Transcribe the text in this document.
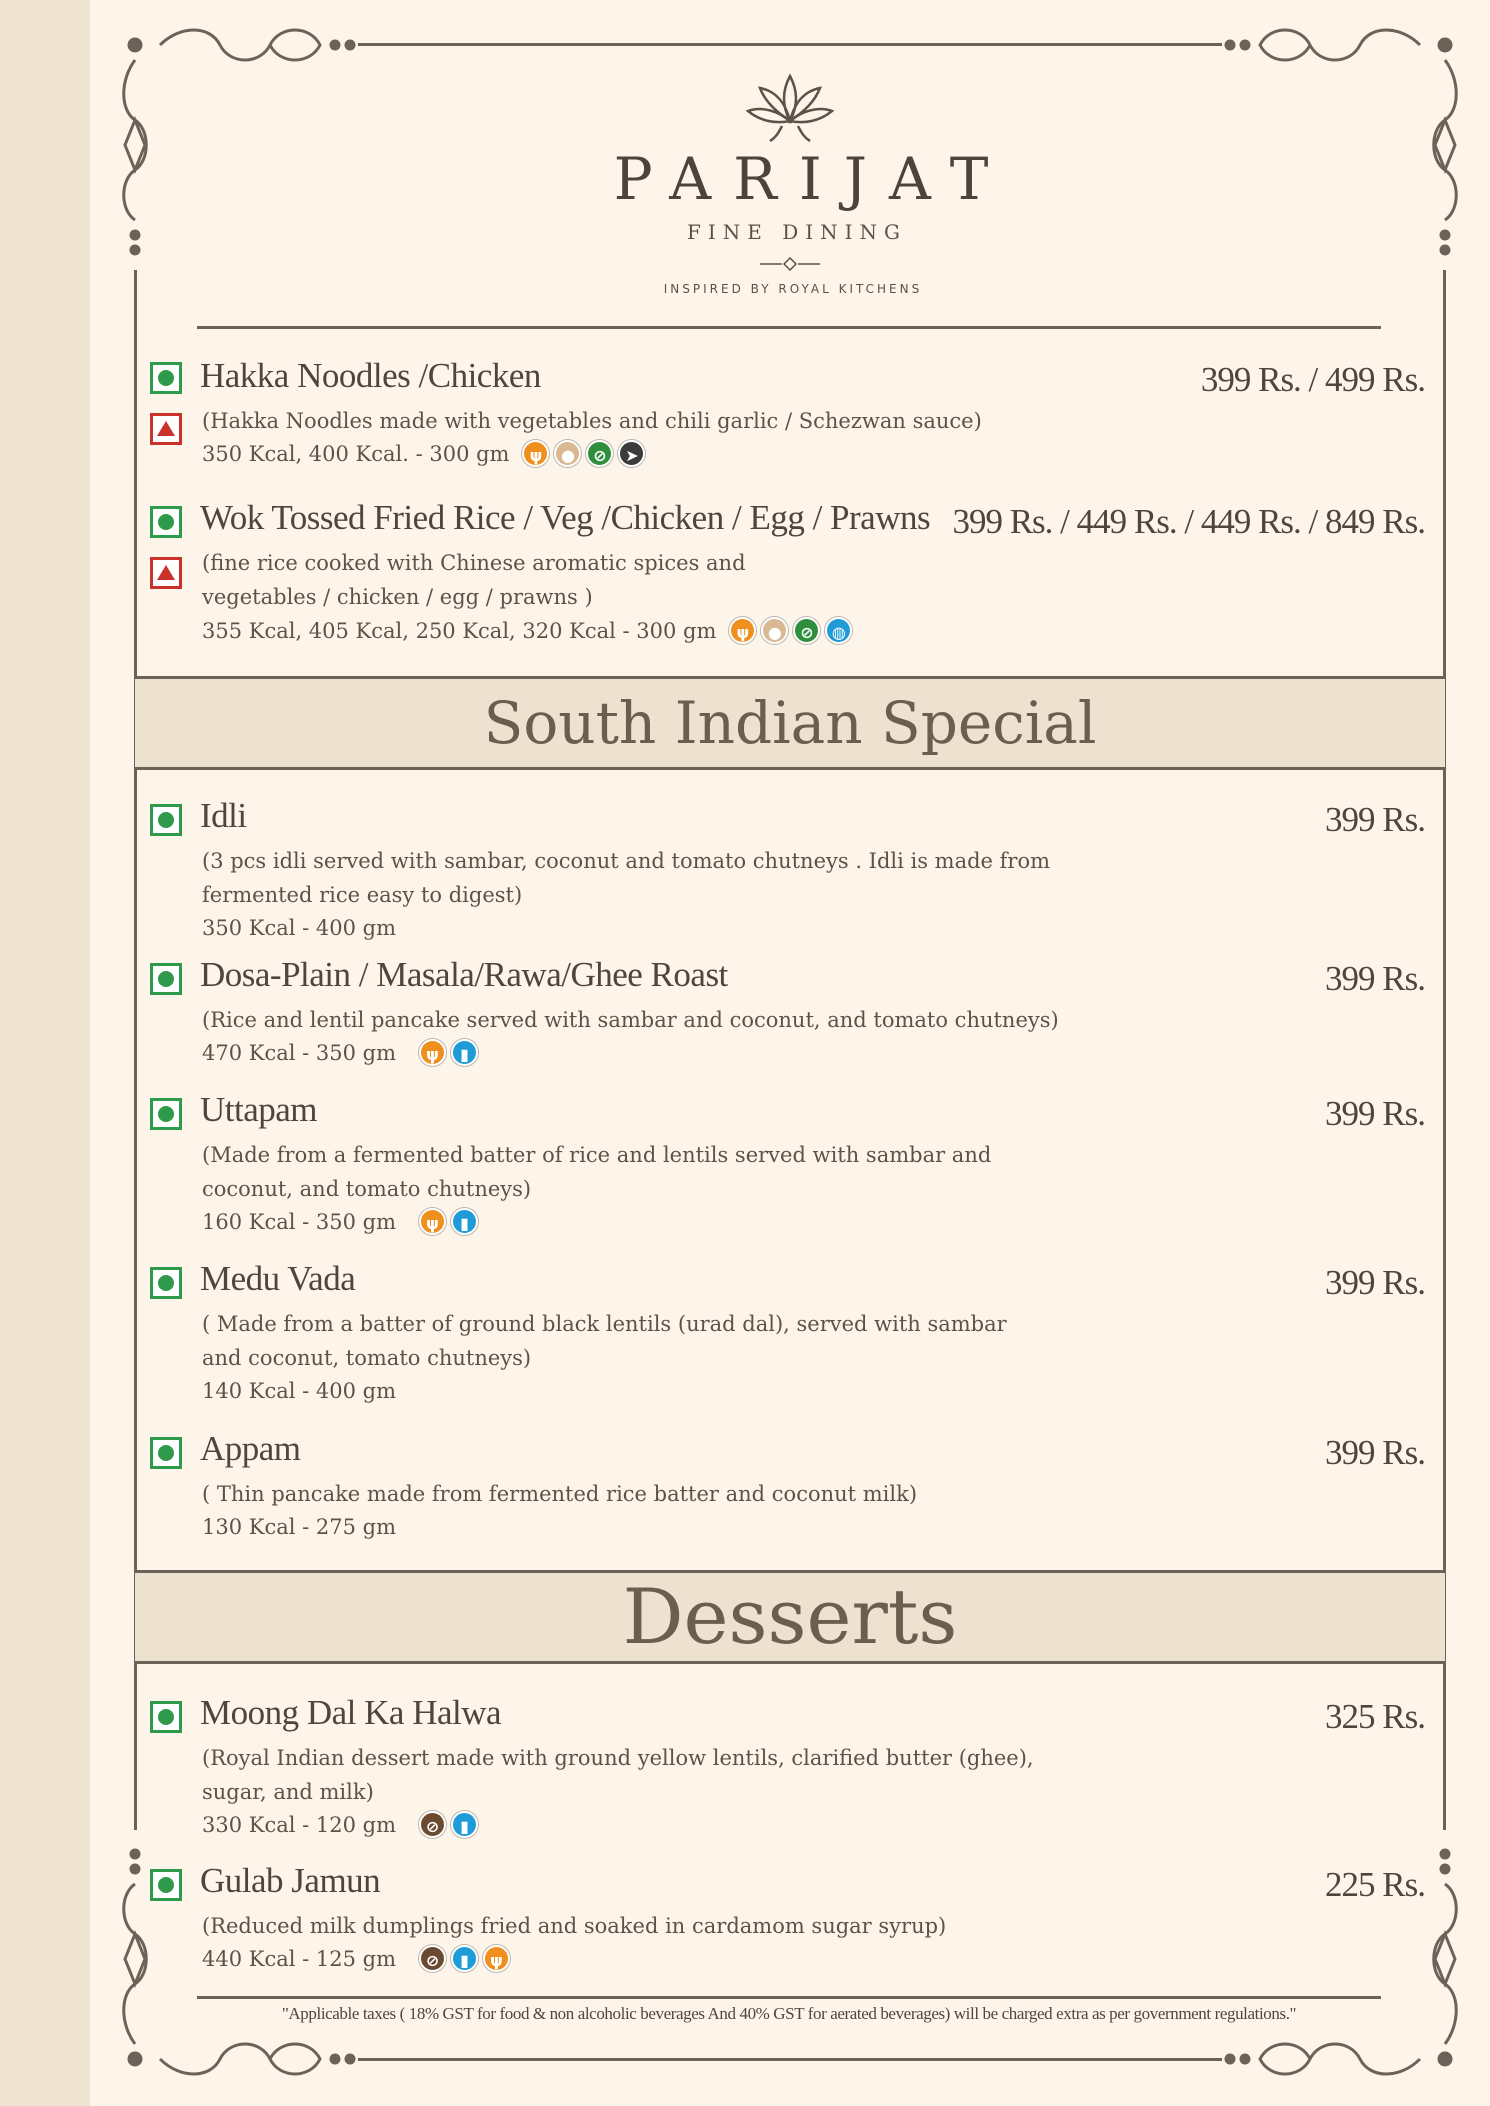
PARIJAT
FINE DINING
INSPIRED BY ROYAL KITCHENS
Hakka Noodles /Chicken	399 Rs. / 499 Rs.
(Hakka Noodles made with vegetables and chili garlic / Schezwan sauce)
350 Kcal, 400 Kcal. - 300 gm	ψ	●	⊘	➤
Wok Tossed Fried Rice / Veg /Chicken / Egg / Prawns 399 Rs. / 449 Rs. / 449 Rs. / 849 Rs.
(fine rice cooked with Chinese aromatic spices and
vegetables / chicken / egg / prawns )
355 Kcal, 405 Kcal, 250 Kcal, 320 Kcal - 300 gm	ψ	●	⊘	◍
South Indian Special
Idli	399 Rs.
(3 pcs idli served with sambar, coconut and tomato chutneys . Idli is made from
fermented rice easy to digest)
350 Kcal - 400 gm
Dosa-Plain / Masala/Rawa/Ghee Roast	399 Rs.
(Rice and lentil pancake served with sambar and coconut, and tomato chutneys)
470 Kcal - 350 gm	ψ	▮
Uttapam	399 Rs.
(Made from a fermented batter of rice and lentils served with sambar and
coconut, and tomato chutneys)
160 Kcal - 350 gm	ψ	▮
Medu Vada	399 Rs.
( Made from a batter of ground black lentils (urad dal), served with sambar
and coconut, tomato chutneys)
140 Kcal - 400 gm
Appam	399 Rs.
( Thin pancake made from fermented rice batter and coconut milk)
130 Kcal - 275 gm
Desserts
Moong Dal Ka Halwa	325 Rs.
(Royal Indian dessert made with ground yellow lentils, clarified butter (ghee),
sugar, and milk)
330 Kcal - 120 gm	⊘	▮
Gulab Jamun	225 Rs.
(Reduced milk dumplings fried and soaked in cardamom sugar syrup)
440 Kcal - 125 gm	⊘	▮	ψ
"Applicable taxes ( 18% GST for food & non alcoholic beverages And 40% GST for aerated beverages) will be charged extra as per government regulations."
